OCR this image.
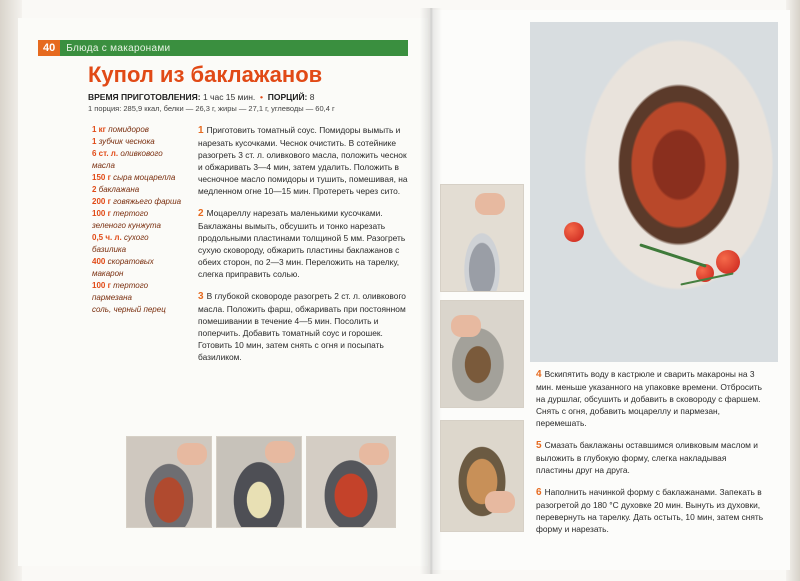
40	Блюда с макаронами
Купол из баклажанов
ВРЕМЯ ПРИГОТОВЛЕНИЯ: 1 час 15 мин.  •  ПОРЦИЙ: 8
1 порция: 285,9 ккал, белки — 26,3 г, жиры — 27,1 г, углеводы — 60,4 г
1 кг помидоров
1 зубчик чеснока
6 ст. л. оливкового масла
150 г сыра моцарелла
2 баклажана
200 г говяжьего фарша
100 г тертого зеленого кунжута
0,5 ч. л. сухого базилика
400 скоратовых макарон
100 г тертого пармезана
соль, черный перец
1 Приготовить томатный соус. Помидоры вымыть и нарезать кусочками. Чеснок очистить. В сотейнике разогреть 3 ст. л. оливкового масла, положить чеснок и обжаривать 3—4 мин, затем удалить. Положить в чесночное масло помидоры и тушить, помешивая, на медленном огне 10—15 мин. Протереть через сито.
2 Моцареллу нарезать маленькими кусочками. Баклажаны вымыть, обсушить и тонко нарезать продольными пластинами толщиной 5 мм. Разогреть сухую сковороду, обжарить пластины баклажанов с обеих сторон, по 2—3 мин. Переложить на тарелку, слегка приправить солью.
3 В глубокой сковороде разогреть 2 ст. л. оливкового масла. Положить фарш, обжаривать при постоянном помешивании в течение 4—5 мин. Посолить и поперчить. Добавить томатный соус и горошек. Готовить 10 мин, затем снять с огня и посыпать базиликом.
4 Вскипятить воду в кастрюле и сварить макароны на 3 мин. меньше указанного на упаковке времени. Отбросить на дуршлаг, обсушить и добавить в сковороду с фаршем. Снять с огня, добавить моцареллу и пармезан, перемешать.
5 Смазать баклажаны оставшимся оливковым маслом и выложить в глубокую форму, слегка накладывая пластины друг на друга.
6 Наполнить начинкой форму с баклажанами. Запекать в разогретой до 180 °С духовке 20 мин. Вынуть из духовки, перевернуть на тарелку. Дать остыть, 10 мин, затем снять форму и нарезать.
